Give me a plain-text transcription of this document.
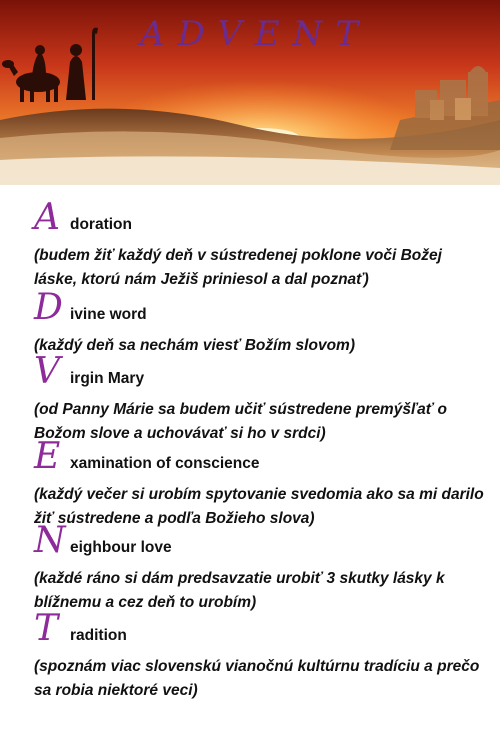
ADVENT
A doration

(budem žiť každý deň v sústredenej poklone voči Božej láske, ktorú nám Ježiš priniesol a dal poznať)

D ivine word

(každý deň sa nechám viesť Božím slovom)

V irgin Mary

(od Panny Márie sa budem učiť sústredene premýšľať o Božom slove a uchovávať si ho v srdci)

E xamination of conscience

(každý večer si urobím spytovanie svedomia ako sa mi darilo žiť sústredene a podľa Božieho slova)

N eighbour love

(každé ráno si dám predsavzatie urobiť 3 skutky lásky k blížnemu a cez deň to urobím)

T radition

(spoznám viac slovenskú vianočnú kultúrnu tradíciu a prečo sa robia niektoré veci)
